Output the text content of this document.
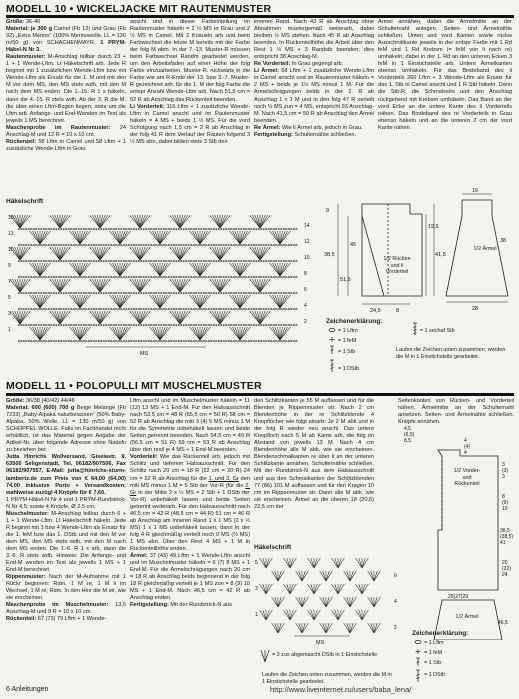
MODELL 10 • WICKELJACKE MIT RAUTENMUSTER

Größe: 36-40

Material: je 300 g Camel (Fb 12) und Grau (Fb 92) „Extra Merino" (100% Merinowolle, LL = 130 m/50 g) von SCHACHENMAYR. 1 PRYM-Häkel-N Nr 3.

Rautenmuster: M-Anschlag teilbar durch 23 + 1 + 1 Wende-Lftm. Lt Häkelschrift arb. Jede R beginnt mit 1 zusätzlichen Wende-Lftm bzw mit Wende-Lftm als Ersatz für die 1. M und mit den M vor dem MS, den MS stets wdh, mit den M nach dem MS enden. Die 1.-15. R 1 x häkeln, dann die 4.-15. R stets wdh. Ab der 3. R die M, die über einen Lftm-Bogen liegen, stets um die Lftm arb. Anfangs- und End-Wenden im Text als jeweils 1 MS berechnet.

Maschenprobe im Rautenmuster: 24 Anschlag-M und 12 R = 10 x 10 cm.

Rückenteil: 58 Lftm in Camel und 58 Lftm + 1 zusätzliche Wende-Lftm in Grau

anschl und in dieser Farbeinteilung im Rautenmuster häkeln = 2 ½ MS in Grau und 2 ½ MS in Camel. Mit 2 Knäueln arb und beim Farbwechsel die letzte M bereits mit der Farbe der folg M abm. In der 7.-13. Muster-R müssen beim Farbwechsel Randm gearbeitet werden, um den Arbeitsfaden auf einer Höhe der folg Farbe einzuarbeiten. Muster-R. rückwärts in die Farbe wie am R-Ende der 13. bzw 3.-7. Muster-R gezeichnet arb, für die 1. M der folg Farbe die entspr Anzahl Wende-Lftm arb. Nach 51,5 cm = 62 R ab Anschlag das Rückenteil beenden.

Li Vorderteil: 116 Lftm + 1 zusätzliche Wende-Lftm in Camel anschl und im Rautenmuster häkeln = 4 MS + beids 1 ½ MS. Für die vord Schrägung nach 1,5 cm = 2 R ab Anschlag in der folg 41 R dem Verlauf der Rauten folgend 3 ½ MS abn, dabei bilden stets 3 Stb den

inneren Rand. Nach 43 R ab Anschlag ohne Abnahmen mustergemäß weiterarb, dabei bleiben ½ MS stehen. Nach 45 R ab Anschlag beenden. In Rückenteilhöhe die Arbeit über den Rest 1 ½ MS + 3 Randstb beenden; dies entspricht 38 Anschlag-M.

Re Vorderteil: In Grau gegengl arb.

Li Ärmel: 68 Lftm + 1 zusätzliche Wende-Lftm in Camel anschl und im Rautenmuster häkeln = 2 MS + beids je 1½ MS minus 1 M. Für die Armelschrägungen beids in der 2. R ab Anschlag 1 x 1 M und in den folg 47 R verteilt noch ½ MS zun = 4 MS, entspricht 93 Anschlag-M. Nach 41,5 cm = 50 R ab Anschlag den Ärmel beenden.

Re Ärmel: Wie li Ärmel arb, jedoch in Grau.

Fertigstellung: Schulternähte schließen.

Ärmel annähen, dabei die Ärmelmitte an der Schulternaht anlegen. Seiten- und Ärmelnähte schließen. Unten und vord Kanten sowie rückw Ausschnittkante jeweils in der entspr Farbe mit 1 Rd feM und 1 Rd Krebsm (= feM von li nach re) umhäkeln, dabei in der 1. Rd an den unteren Ecken 3 feM in 1 Einstichstelle arb. Untere Ärmelkanten ebenso umhäkeln. Für das Bindeband des li Vorderteils 260 Lftm + 3 Wende-Lftm als Ersatz für das 1. Stb in Camel anschl und 1 R Stb häkeln. Dann die Stb-R, die Schmalseite und den Anschlag rückgehend mit Krebsm umhäkeln. Das Band an der vord Ecke an die untere Kante des li Vorderteils nähen. Das Bindeband des re Vorderteils in Grau ebenso häkeln und an die unteren 2 cm der vord Kante nähen

Häkelschrift
15
14
13
12
11
10
9
8
7
6
5
4
3
2
1
MS
9
38,5
51,5
45
24,5	8
19,5
41,5
38
16
28
1/2 Rücken und li Vorderteil
1/2 Ärmel
Zeichenerklärung:
= 1 Lftm
= 1 feM
= 1 Stb
= 1 DStb
= 1 sechaf Stb
Laufen die Zeichen unten zusammen, werden die M in 1 Einstichstelle gearbeitet.
MODELL 11 • POLOPULLI MIT MUSCHELMUSTER

Größe: 36/38 (40/42) 44/46

Material: 600 (600) 700 g Beige Melange (Fb 7233) „Baby-Alpaka naturbelassen" (50% Baby-Alpaka, 50% Wolle, LL = 130 m/50 g) von SCHOPPEL WOLLE. Falls im Fachhandel nicht erhältlich, ist das Material gegen Angabe der Artikel-Nr. über folgende Adresse ohne Nadeln zu beziehen bei:

Jutta Hinrichs Wollversand, Giselastr. 9, 63500 Seligenstadt, Tel. 06182/907506, Fax 06182/907557, E-Mail: jutta@hinrichs-sturm-lambertz.de zum Preis von € 64,00 (64,00) 74,00 inklusive Porto + Versandkosten; wahlweise zuzügl 4 Knöpfe für € 7,60.

1 PRYM-Häkel-N Nr 4 und 1 PRYM-Rundstrick-N Nr 4,5; sowie 4 Knöpfe, Ø 2,5 cm.

Muschelmuster: M-Anschlag teilbar durch 6 + 1 + 1 Wende-Lftm. Lt Häkelschrift häkeln. Jede R beginnt mit 1 bzw 4 Wende-Lftm als Ersatz für die 1. feM bzw das 1. DStb und mit den M vor dem MS, den MS stets wdh, mit den M nach dem MS enden. Die 1.-6. R 1 x arb, dann die 3.-6. R stets wdh. Hinweis: Die Anfangs- und End-M werden im Text als jeweils 1 MS + 1 End-M berechnet.

Rippenmuster: Nach der M-Aufnahme mit 1 Rückr beginnen: Rdm, 1 M re, 1 M li im Wechsel, 1 M re, Rdm. In den Hinr die M str, wie sie erscheinen.

Maschenprobe im Muschelmuster: 13,5 Anschlag-M und 9 R = 10 x 10 cm.

Rückenteil: 67 (73) 79 Lftm + 1 Wende-

Lftm anschl und im Muschelmuster häkeln = 11 (12) 13 MS + 1 End-M. Für den Halsausschnitt nach 53,5 cm = 48 R (55,5 cm = 50 R) 58 cm = 52 R ab Anschlag die mitt 3 (4) 5 MS minus 1 M für die Symmetrie unbehäkelt lassen und beide Seiten getrennt beenden. Nach 54,5 cm = 49 R (56,5 cm = 51 R) 59 cm = 53 R ab Anschlag über den restl je 4 MS + 1 End-M beenden.

Vorderteil: Wie das Rückenteil arb, jedoch mit Schlitz und tieferem Halsausschnitt. Für den Schlitz nach 20 cm = 18 R (22 cm = 20 R) 24 cm = 22 R ab Anschlag für die 1. und 3. Gr den mitt MS minus 1 M = 5 Stb der Vor-R (für die 2. Gr in der Mitte 2 x ½ MS = 2 Stb + 1 DStb der Vor-R) unbehäkelt lassen und beide Seiten getrennt weiterarb. Für den Halsausschnitt nach 46,5 cm = 42 R (48,5 cm = 44 R) 51 cm = 46 R ab Anschlag am inneren Rand 1 x 1 MS (2 x ½ MS) 1 x 1 MS unbehäkelt lassen, dann in der folg 4 R gleichmäßig verteilt noch 0 MS (½ MS) 1 MS abn. Über den Rest 4 MS + 1 M in Rückenteilhöhe enden.

Ärmel: 37 (43) 49 Lftm + 1 Wende-Lftm anschl und im Muschelmuster häkeln = 6 (7) 8 MS + 1 End-M. Für die Ärmelschrägungen nach 20 cm = 18 R ab Anschlag beids beginnend in der folg 18 R gleichmäßig verteilt je 1 MS zun = 8 (9) 10 MS + 1 End-M. Nach 46,5 cm = 42 R ab Anschlag enden.

Fertigstellung: Mit der Rundstrick-N aus

den Schlitzkanten je 55 M auffassen und für die Blenden je Rippenmuster str. Nach 2 cm Blendenhöhe in der re Schlitzblende 4 Knopflöcher wie folgt einarb: Je 2 M abk und in der folg R wieder neu anschl. Das untere Knopfloch nach 5 M ab Kante arb, die folg im Abstand von jeweils 13 M. Nach 4 cm Blendenhöhe alle M abk, wie sie erscheinen. Blendenschmalkanten re über li an der unteren Schlitzkante annähen. Schulternähte schließen. Mit der Rundstrick-N aus dem Halsausschnitt und aus den Schmalkanten der Schlitzblenden 77 (86) 101 M auffassen und für den Kragen 10 cm im Rippenmuster str. Dann alle M abk, wie sie erscheinen. Ärmel an die oberen 18 (20,5) 22,5 cm der

Seitenkanten von Rücken- und Vorderteil nähen, Ärmelmitte an der Schulternaht ansetzen. Seiten- und Ärmelnähte schließen. Knöpfe annähen.

Häkelschrift
5
6
3
4
1
2
MS
4,5
(6,5)
8,5	4
(4)
4
3
(3)
3
8
(9)
10
36,5
(38,5)
41
20
(22)
24
25(27)29
46,5
1/2 Vorder- und Rückenteil
1/2 Ärmel
= 3 zus abgemascht DStb in 1 Einstichstelle
Laufen die Zeichen unten zusammen, werden die M in 1 Einstichstelle gearbeitet.
Zeichenerklärung:
= 1 Lftm
= 1 feM
= 1 Stb
= 1 DStb
6 Anleitungen	http://www.liveinternet.ru/users/baba_lena/
